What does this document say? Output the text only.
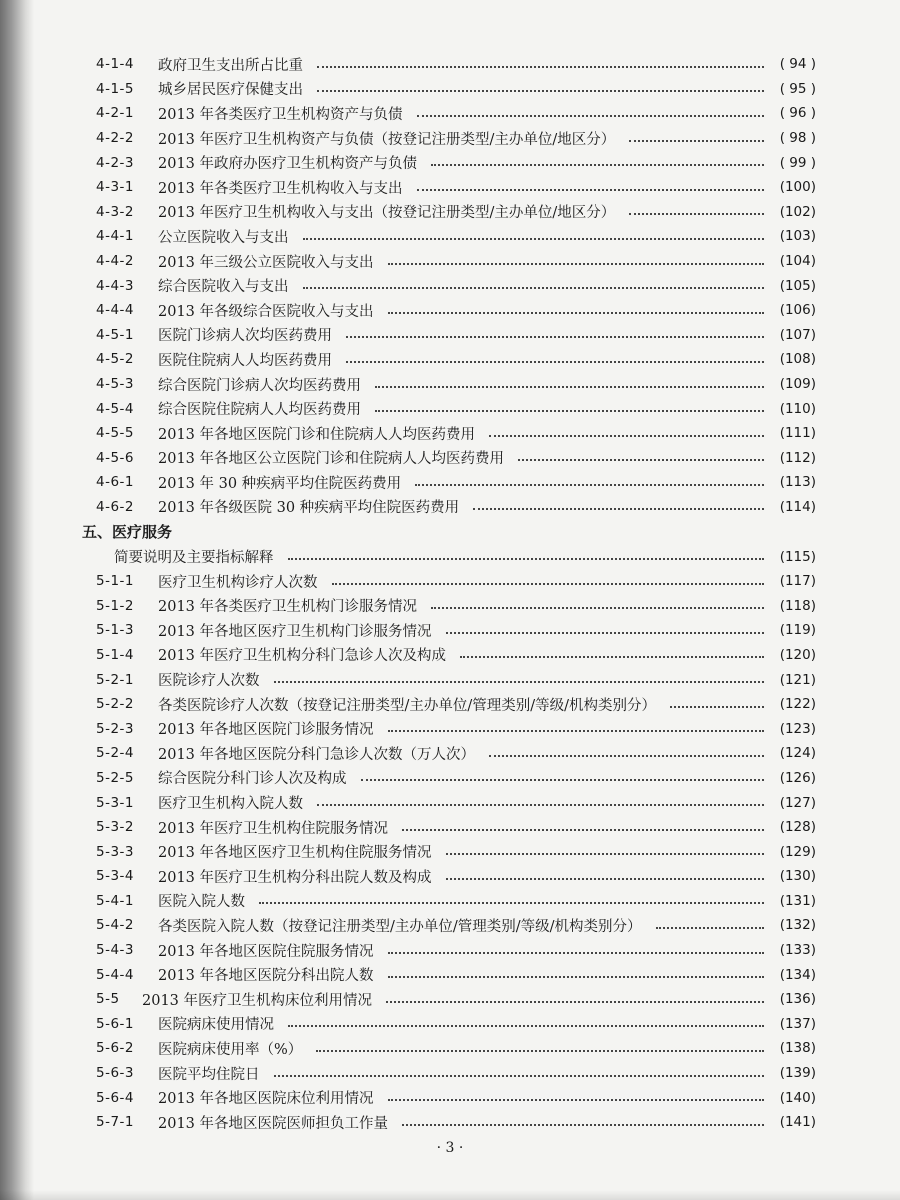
4-1-4	政府卫生支出所占比重	( 94 )
4-1-5	城乡居民医疗保健支出	( 95 )
4-2-1	2013 年各类医疗卫生机构资产与负债	( 96 )
4-2-2	2013 年医疗卫生机构资产与负债（按登记注册类型/主办单位/地区分）	( 98 )
4-2-3	2013 年政府办医疗卫生机构资产与负债	( 99 )
4-3-1	2013 年各类医疗卫生机构收入与支出	(100)
4-3-2	2013 年医疗卫生机构收入与支出（按登记注册类型/主办单位/地区分）	(102)
4-4-1	公立医院收入与支出	(103)
4-4-2	2013 年三级公立医院收入与支出	(104)
4-4-3	综合医院收入与支出	(105)
4-4-4	2013 年各级综合医院收入与支出	(106)
4-5-1	医院门诊病人次均医药费用	(107)
4-5-2	医院住院病人人均医药费用	(108)
4-5-3	综合医院门诊病人次均医药费用	(109)
4-5-4	综合医院住院病人人均医药费用	(110)
4-5-5	2013 年各地区医院门诊和住院病人人均医药费用	(111)
4-5-6	2013 年各地区公立医院门诊和住院病人人均医药费用	(112)
4-6-1	2013 年 30 种疾病平均住院医药费用	(113)
4-6-2	2013 年各级医院 30 种疾病平均住院医药费用	(114)
五、医疗服务
简要说明及主要指标解释	(115)
5-1-1	医疗卫生机构诊疗人次数	(117)
5-1-2	2013 年各类医疗卫生机构门诊服务情况	(118)
5-1-3	2013 年各地区医疗卫生机构门诊服务情况	(119)
5-1-4	2013 年医疗卫生机构分科门急诊人次及构成	(120)
5-2-1	医院诊疗人次数	(121)
5-2-2	各类医院诊疗人次数（按登记注册类型/主办单位/管理类别/等级/机构类别分）	(122)
5-2-3	2013 年各地区医院门诊服务情况	(123)
5-2-4	2013 年各地区医院分科门急诊人次数（万人次）	(124)
5-2-5	综合医院分科门诊人次及构成	(126)
5-3-1	医疗卫生机构入院人数	(127)
5-3-2	2013 年医疗卫生机构住院服务情况	(128)
5-3-3	2013 年各地区医疗卫生机构住院服务情况	(129)
5-3-4	2013 年医疗卫生机构分科出院人数及构成	(130)
5-4-1	医院入院人数	(131)
5-4-2	各类医院入院人数（按登记注册类型/主办单位/管理类别/等级/机构类别分）	(132)
5-4-3	2013 年各地区医院住院服务情况	(133)
5-4-4	2013 年各地区医院分科出院人数	(134)
5-5	2013 年医疗卫生机构床位利用情况	(136)
5-6-1	医院病床使用情况	(137)
5-6-2	医院病床使用率（%）	(138)
5-6-3	医院平均住院日	(139)
5-6-4	2013 年各地区医院床位利用情况	(140)
5-7-1	2013 年各地区医院医师担负工作量	(141)
· 3 ·
